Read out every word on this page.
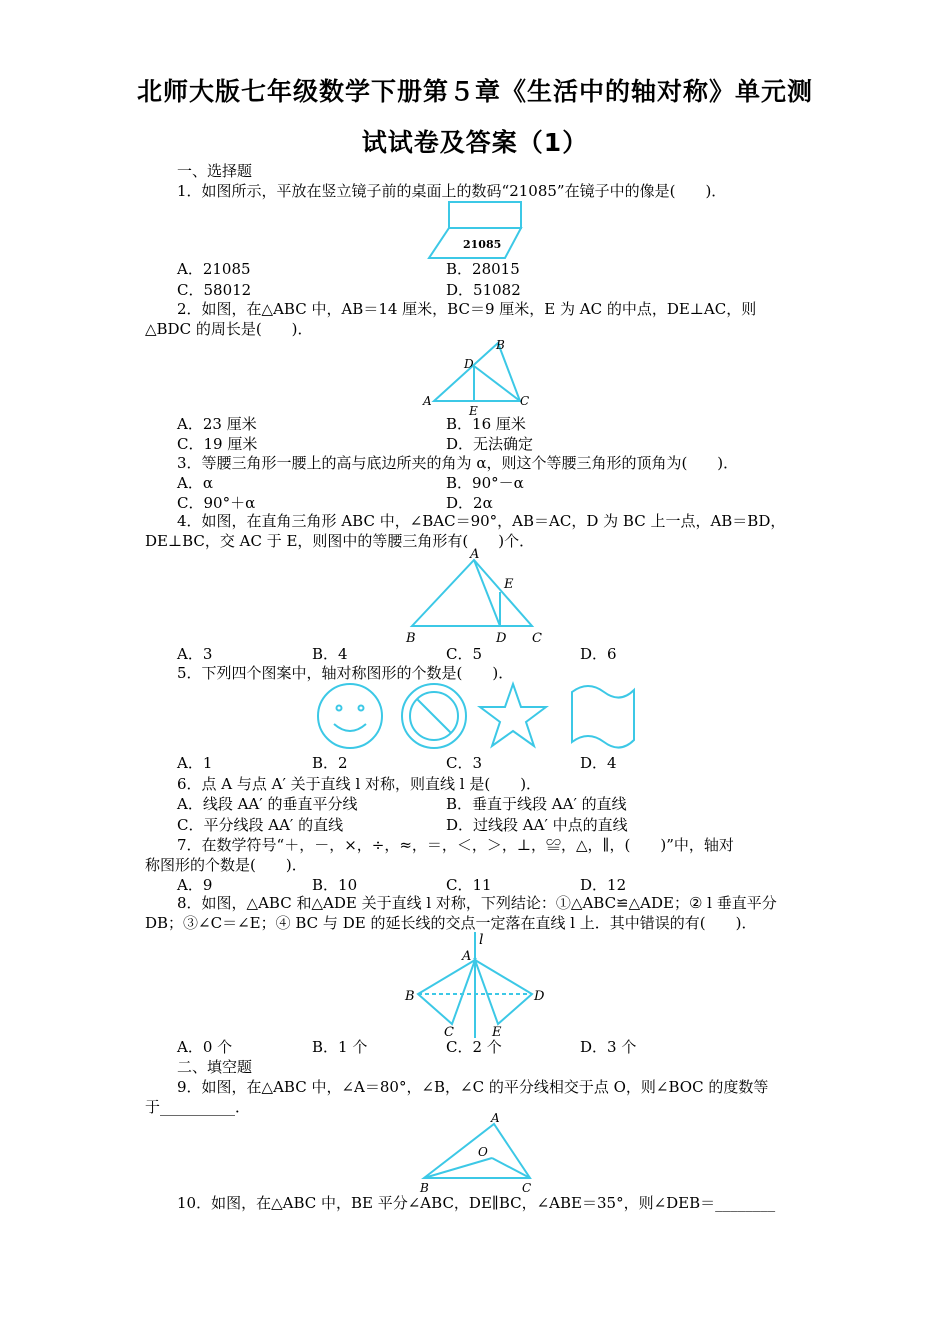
北师大版七年级数学下册第５章《生活中的轴对称》单元测
试试卷及答案（1）
一、选择题
1．如图所示，平放在竖立镜子前的桌面上的数码“21085”在镜子中的像是(　　)．
21085
A．21085	B．28015
C．58012	D．51082
2．如图，在△ABC 中，AB＝14 厘米，BC＝9 厘米，E 为 AC 的中点，DE⊥AC，则
△BDC 的周长是(　　)．
A
B
C
D
E
A．23 厘米	B．16 厘米
C．19 厘米	D．无法确定
3．等腰三角形一腰上的高与底边所夹的角为 α，则这个等腰三角形的顶角为(　　)．
A．α	B．90°－α
C．90°＋α	D．2α
4．如图，在直角三角形 ABC 中，∠BAC＝90°，AB＝AC，D 为 BC 上一点，AB＝BD，
DE⊥BC，交 AC 于 E，则图中的等腰三角形有(　　)个．
A
B	C
D
E
A．3	B．4	C．5	D．6
5．下列四个图案中，轴对称图形的个数是(　　)．
A．1	B．2	C．3	D．4
6．点 A 与点 A′ 关于直线 l 对称，则直线 l 是(　　)．
A．线段 AA′ 的垂直平分线	B．垂直于线段 AA′ 的直线
C．平分线段 AA′ 的直线	D．过线段 AA′ 中点的直线
7．在数学符号“＋，－，×，÷，≈，＝，＜，＞，⊥，≌，△，∥，(　　)”中，轴对
称图形的个数是(　　)．
A．9	B．10	C．11	D．12
8．如图，△ABC 和△ADE 关于直线 l 对称，下列结论：①△ABC≌△ADE；② l 垂直平分
DB；③∠C＝∠E；④ BC 与 DE 的延长线的交点一定落在直线 l 上．其中错误的有(　　)．
l
A
B	D
C	E
A．0 个	B．1 个	C．2 个	D．3 个
二、填空题
9．如图，在△ABC 中，∠A＝80°，∠B，∠C 的平分线相交于点 O，则∠BOC 的度数等
于__________．
A
B	C
O
10．如图，在△ABC 中，BE 平分∠ABC，DE∥BC，∠ABE＝35°，则∠DEB＝________
